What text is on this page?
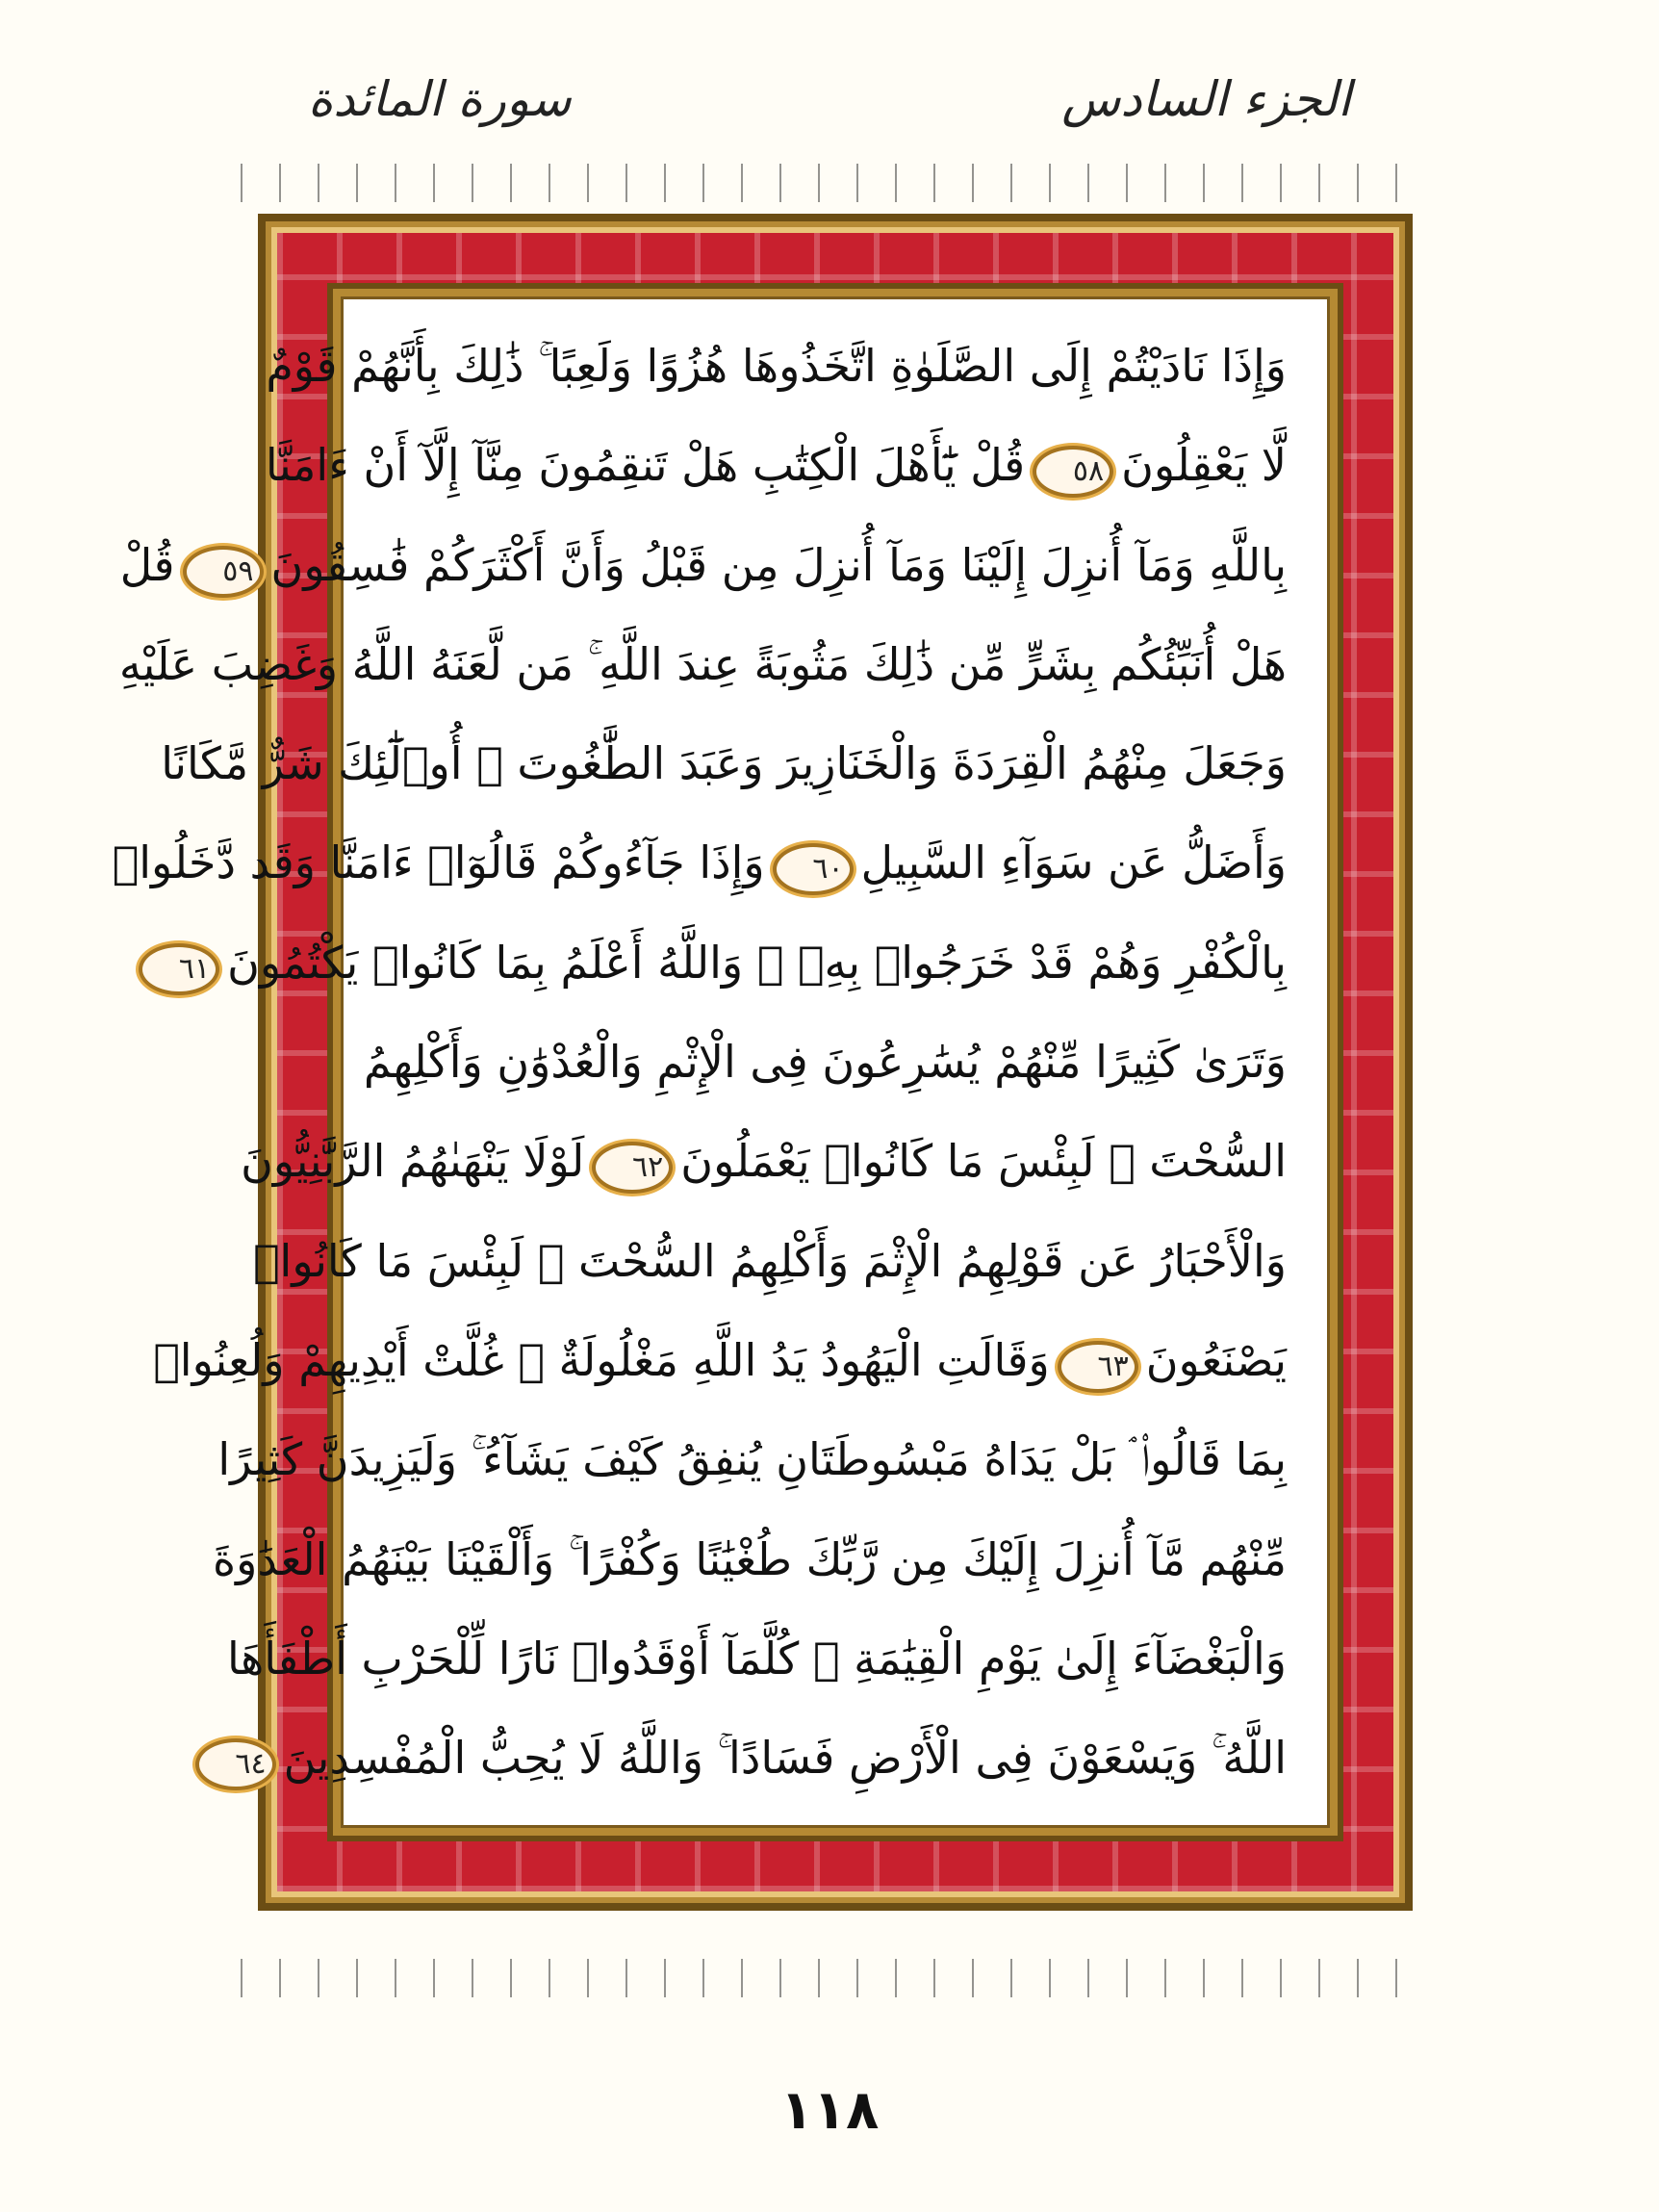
الجزء السادس
سورة المائدة
وَإِذَا نَادَيْتُمْ إِلَى الصَّلَوٰةِ اتَّخَذُوهَا هُزُوًا وَلَعِبًا ۚ ذَٰلِكَ بِأَنَّهُمْ قَوْمٌ
لَّا يَعْقِلُونَ٥٨قُلْ يَٰٓأَهْلَ الْكِتَٰبِ هَلْ تَنقِمُونَ مِنَّآ إِلَّآ أَنْ ءَامَنَّا
بِاللَّهِ وَمَآ أُنزِلَ إِلَيْنَا وَمَآ أُنزِلَ مِن قَبْلُ وَأَنَّ أَكْثَرَكُمْ فَٰسِقُونَ٥٩قُلْ
هَلْ أُنَبِّئُكُم بِشَرٍّ مِّن ذَٰلِكَ مَثُوبَةً عِندَ اللَّهِ ۚ مَن لَّعَنَهُ اللَّهُ وَغَضِبَ عَلَيْهِ
وَجَعَلَ مِنْهُمُ الْقِرَدَةَ وَالْخَنَازِيرَ وَعَبَدَ الطَّٰغُوتَ ۚ أُو۟لَٰٓئِكَ شَرٌّ مَّكَانًا
وَأَضَلُّ عَن سَوَآءِ السَّبِيلِ٦٠وَإِذَا جَآءُوكُمْ قَالُوٓا۟ ءَامَنَّا وَقَد دَّخَلُوا۟
بِالْكُفْرِ وَهُمْ قَدْ خَرَجُوا۟ بِهِۦ ۚ وَاللَّهُ أَعْلَمُ بِمَا كَانُوا۟ يَكْتُمُونَ٦١
وَتَرَىٰ كَثِيرًا مِّنْهُمْ يُسَٰرِعُونَ فِى الْإِثْمِ وَالْعُدْوَٰنِ وَأَكْلِهِمُ
السُّحْتَ ۚ لَبِئْسَ مَا كَانُوا۟ يَعْمَلُونَ٦٢لَوْلَا يَنْهَىٰهُمُ الرَّبَّٰنِيُّونَ
وَالْأَحْبَارُ عَن قَوْلِهِمُ الْإِثْمَ وَأَكْلِهِمُ السُّحْتَ ۚ لَبِئْسَ مَا كَانُوا۟
يَصْنَعُونَ٦٣وَقَالَتِ الْيَهُودُ يَدُ اللَّهِ مَغْلُولَةٌ ۚ غُلَّتْ أَيْدِيهِمْ وَلُعِنُوا۟
بِمَا قَالُوا۟ ۘ بَلْ يَدَاهُ مَبْسُوطَتَانِ يُنفِقُ كَيْفَ يَشَآءُ ۚ وَلَيَزِيدَنَّ كَثِيرًا
مِّنْهُم مَّآ أُنزِلَ إِلَيْكَ مِن رَّبِّكَ طُغْيَٰنًا وَكُفْرًا ۚ وَأَلْقَيْنَا بَيْنَهُمُ الْعَدَٰوَةَ
وَالْبَغْضَآءَ إِلَىٰ يَوْمِ الْقِيَٰمَةِ ۚ كُلَّمَآ أَوْقَدُوا۟ نَارًا لِّلْحَرْبِ أَطْفَأَهَا
اللَّهُ ۚ وَيَسْعَوْنَ فِى الْأَرْضِ فَسَادًا ۚ وَاللَّهُ لَا يُحِبُّ الْمُفْسِدِينَ٦٤
١١٨
